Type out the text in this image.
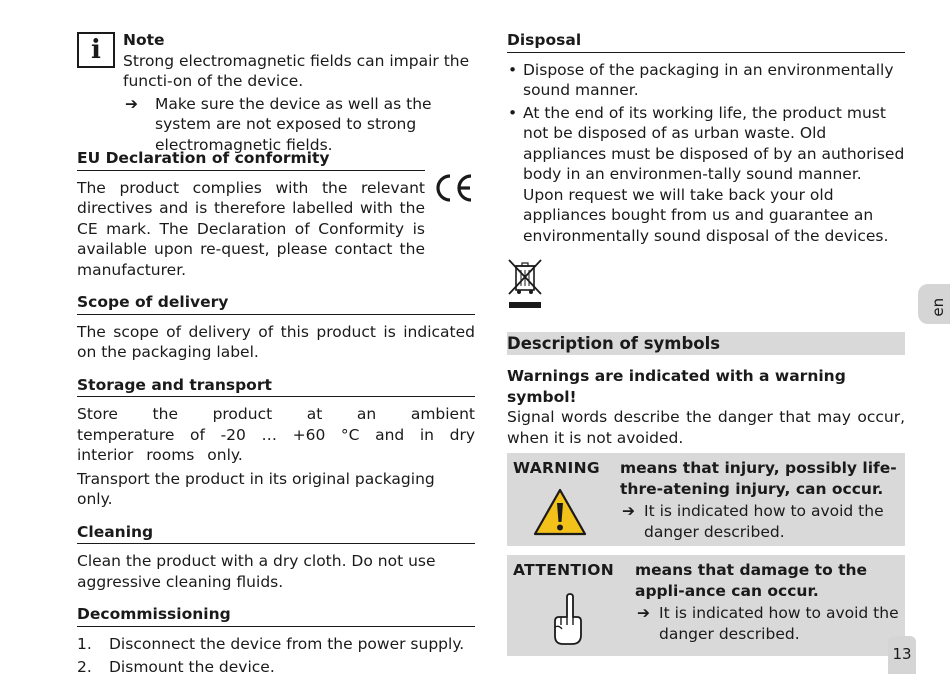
i	Note

Strong electromagnetic fields can impair the functi-on of the device.

➔	Make sure the device as well as the system are not exposed to strong electromagnetic fields.
EU Declaration of conformity

The product complies with the relevant directives and is therefore labelled with the CE mark. The Declaration of Conformity is available upon re-quest, please contact the manufacturer.

Scope of delivery

The scope of delivery of this product is indicated on the packaging label.

Storage and transport

Store the product at an ambient temperature of -20 … +60 °C and in dry interior rooms only.

Transport the product in its original packaging only.

Cleaning

Clean the product with a dry cloth. Do not use aggressive cleaning fluids.

Decommissioning
1.	Disconnect the device from the power supply.
2.	Dismount the device.
Disposal
• Dispose of the packaging in an environmentally sound manner.
• At the end of its working life, the product must not be disposed of as urban waste. Old appliances must be disposed of by an authorised body in an environmen-tally sound manner. Upon request we will take back your old appliances bought from us and guarantee an environmentally sound disposal of the devices.
Description of symbols
Warnings are indicated with a warning symbol!

Signal words describe the danger that may occur, when it is not avoided.

WARNING means that injury, possibly life-thre-atening injury, can occur.
➔ It is indicated how to avoid the danger described.
ATTENTION means that damage to the appli-ance can occur.
➔ It is indicated how to avoid the danger described.
en
13
